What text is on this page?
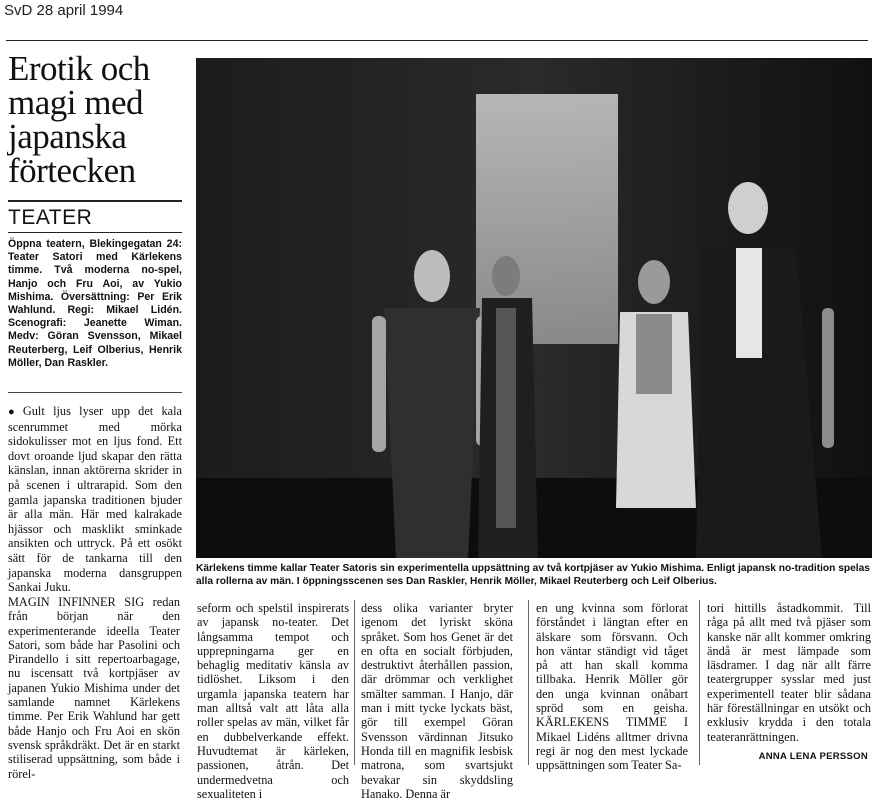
SvD 28 april 1994
Erotik och magi med japanska förtecken
TEATER

Öppna teatern, Blekingegatan 24: Teater Satori med Kärlekens timme. Två moderna no-spel, Hanjo och Fru Aoi, av Yukio Mishima. Översättning: Per Erik Wahlund. Regi: Mikael Lidén. Scenografi: Jeanette Wiman. Medv: Göran Svensson, Mikael Reuterberg, Leif Olberius, Henrik Möller, Dan Raskler.

● Gult ljus lyser upp det kala scenrummet med mörka sidokulisser mot en ljus fond. Ett dovt oroande ljud skapar den rätta känslan, innan aktörerna skrider in på scenen i ultrarapid. Som den gamla japanska traditionen bjuder är alla män. Här med kalrakade hjässor och masklikt sminkade ansikten och uttryck. På ett osökt sätt för de tankarna till den japanska moderna dansgruppen Sankai Juku.

Kärlekens timme kallar Teater Satoris sin experimentella uppsättning av två kortpjäser av Yukio Mishima. Enligt japansk no-tradition spelas alla rollerna av män. I öppningsscenen ses Dan Raskler, Henrik Möller, Mikael Reuterberg och Leif Olberius.

MAGIN INFINNER SIG redan från början när den experimenterande ideella Teater Satori, som både har Pasolini och Pirandello i sitt repertoarbagage, nu iscensatt två kortpjäser av japanen Yukio Mishima under det samlande namnet Kärlekens timme. Per Erik Wahlund har gett både Hanjo och Fru Aoi en skön svensk språkdräkt. Det är en starkt stiliserad uppsättning, som både i rörel-

seform och spelstil inspirerats av japansk no-teater. Det långsamma tempot och upprepningarna ger en behaglig meditativ känsla av tidlöshet. Liksom i den urgamla japanska teatern har man alltså valt att låta alla roller spelas av män, vilket får en dubbelverkande effekt. Huvudtemat är kärleken, passionen, åtrån. Det undermedvetna och sexualiteten i

dess olika varianter bryter igenom det lyriskt sköna språket. Som hos Genet är det en ofta en socialt förbjuden, destruktivt återhållen passion, där drömmar och verklighet smälter samman. I Hanjo, där man i mitt tycke lyckats bäst, gör till exempel Göran Svensson värdinnan Jitsuko Honda till en magnifik lesbisk matrona, som svartsjukt bevakar sin skyddsling Hanako. Denna är

en ung kvinna som förlorat förståndet i längtan efter en älskare som försvann. Och hon väntar ständigt vid tåget på att han skall komma tillbaka. Henrik Möller gör den unga kvinnan onåbart spröd som en geisha. KÄRLEKENS TIMME I Mikael Lidéns alltmer drivna regi är nog den mest lyckade uppsättningen som Teater Sa-

tori hittills åstadkommit. Till råga på allt med två pjäser som kanske när allt kommer omkring ändå är mest lämpade som läsdramer. I dag när allt färre teatergrupper sysslar med just experimentell teater blir sådana här föreställningar en utsökt och exklusiv krydda i den totala teateranrättningen.

ANNA LENA PERSSON
